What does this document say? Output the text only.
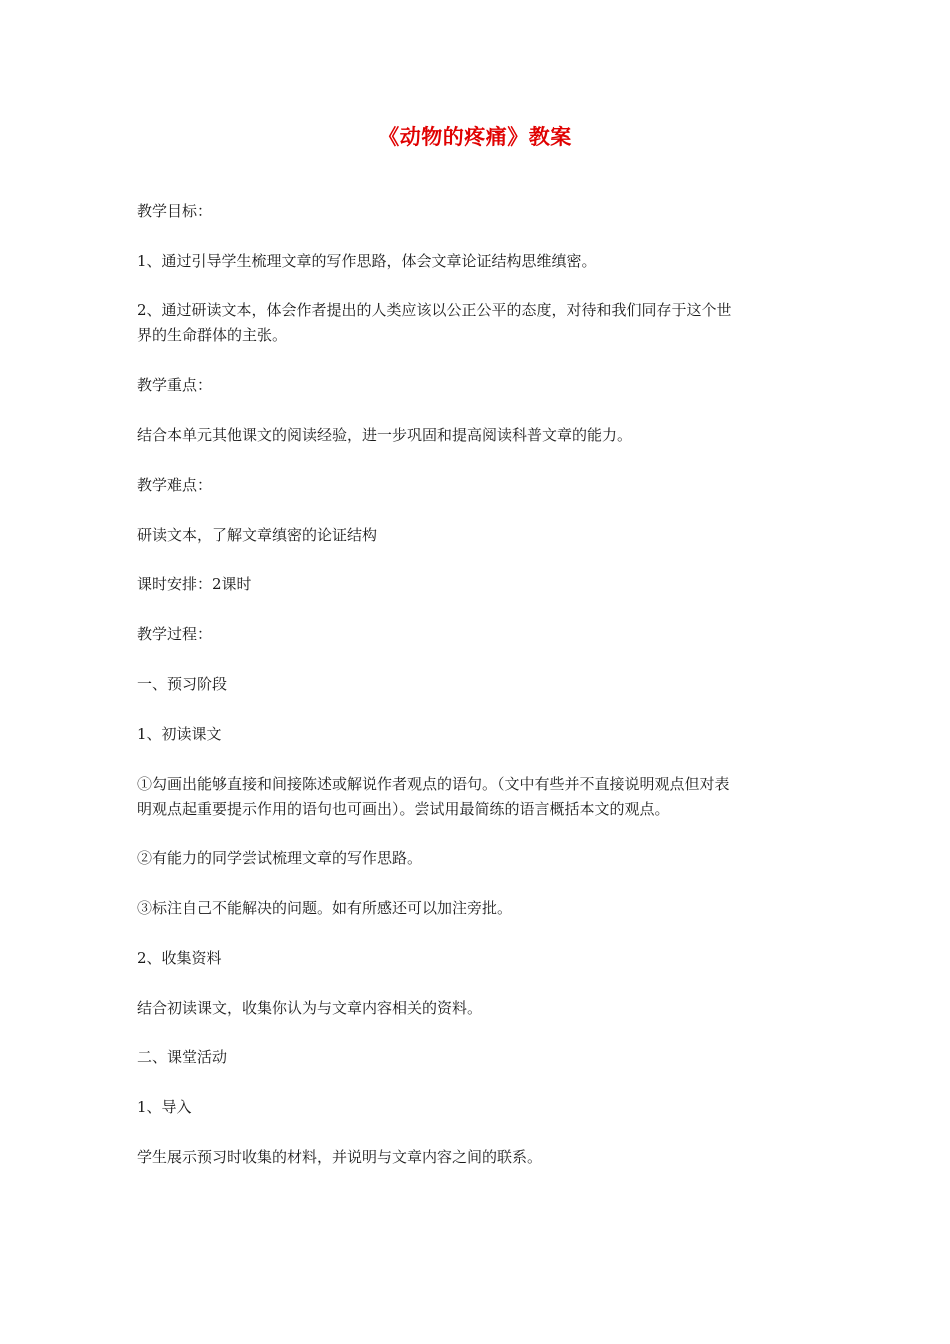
《动物的疼痛》教案
教学目标：
1、通过引导学生梳理文章的写作思路，体会文章论证结构思维缜密。
2、通过研读文本，体会作者提出的人类应该以公正公平的态度，对待和我们同存于这个世
界的生命群体的主张。
教学重点：
结合本单元其他课文的阅读经验，进一步巩固和提高阅读科普文章的能力。
教学难点：
研读文本，了解文章缜密的论证结构
课时安排：2课时
教学过程：
一、预习阶段
1、初读课文
①勾画出能够直接和间接陈述或解说作者观点的语句。（文中有些并不直接说明观点但对表
明观点起重要提示作用的语句也可画出）。尝试用最简练的语言概括本文的观点。
②有能力的同学尝试梳理文章的写作思路。
③标注自己不能解决的问题。如有所感还可以加注旁批。
2、收集资料
结合初读课文，收集你认为与文章内容相关的资料。
二、课堂活动
1、导入
学生展示预习时收集的材料，并说明与文章内容之间的联系。
